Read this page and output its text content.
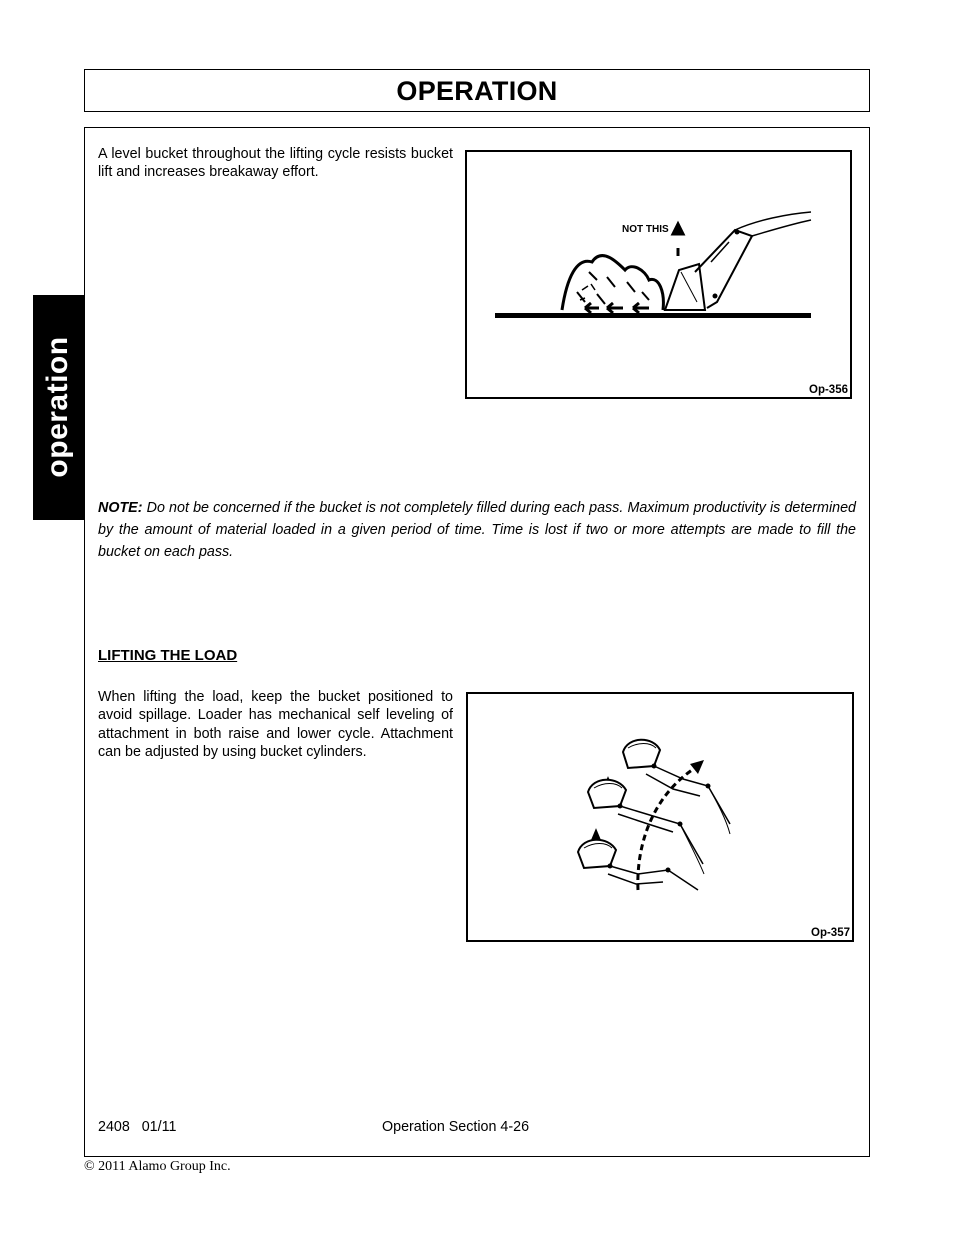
OPERATION
operation

A level bucket throughout the lifting cycle resists bucket lift and increases breakaway effort.

NOT THIS
Op-356

NOTE: Do not be concerned if the bucket is not completely filled during each pass. Maximum productivity is determined by the amount of material loaded in a given period of time. Time is lost if two or more attempts are made to fill the bucket on each pass.

LIFTING THE LOAD

When lifting the load, keep the bucket positioned to avoid spillage. Loader has mechanical self leveling of attachment in both raise and lower cycle. Attachment can be adjusted by using bucket cylinders.

Op-357
2408   01/11	Operation Section 4-26
© 2011 Alamo Group Inc.
